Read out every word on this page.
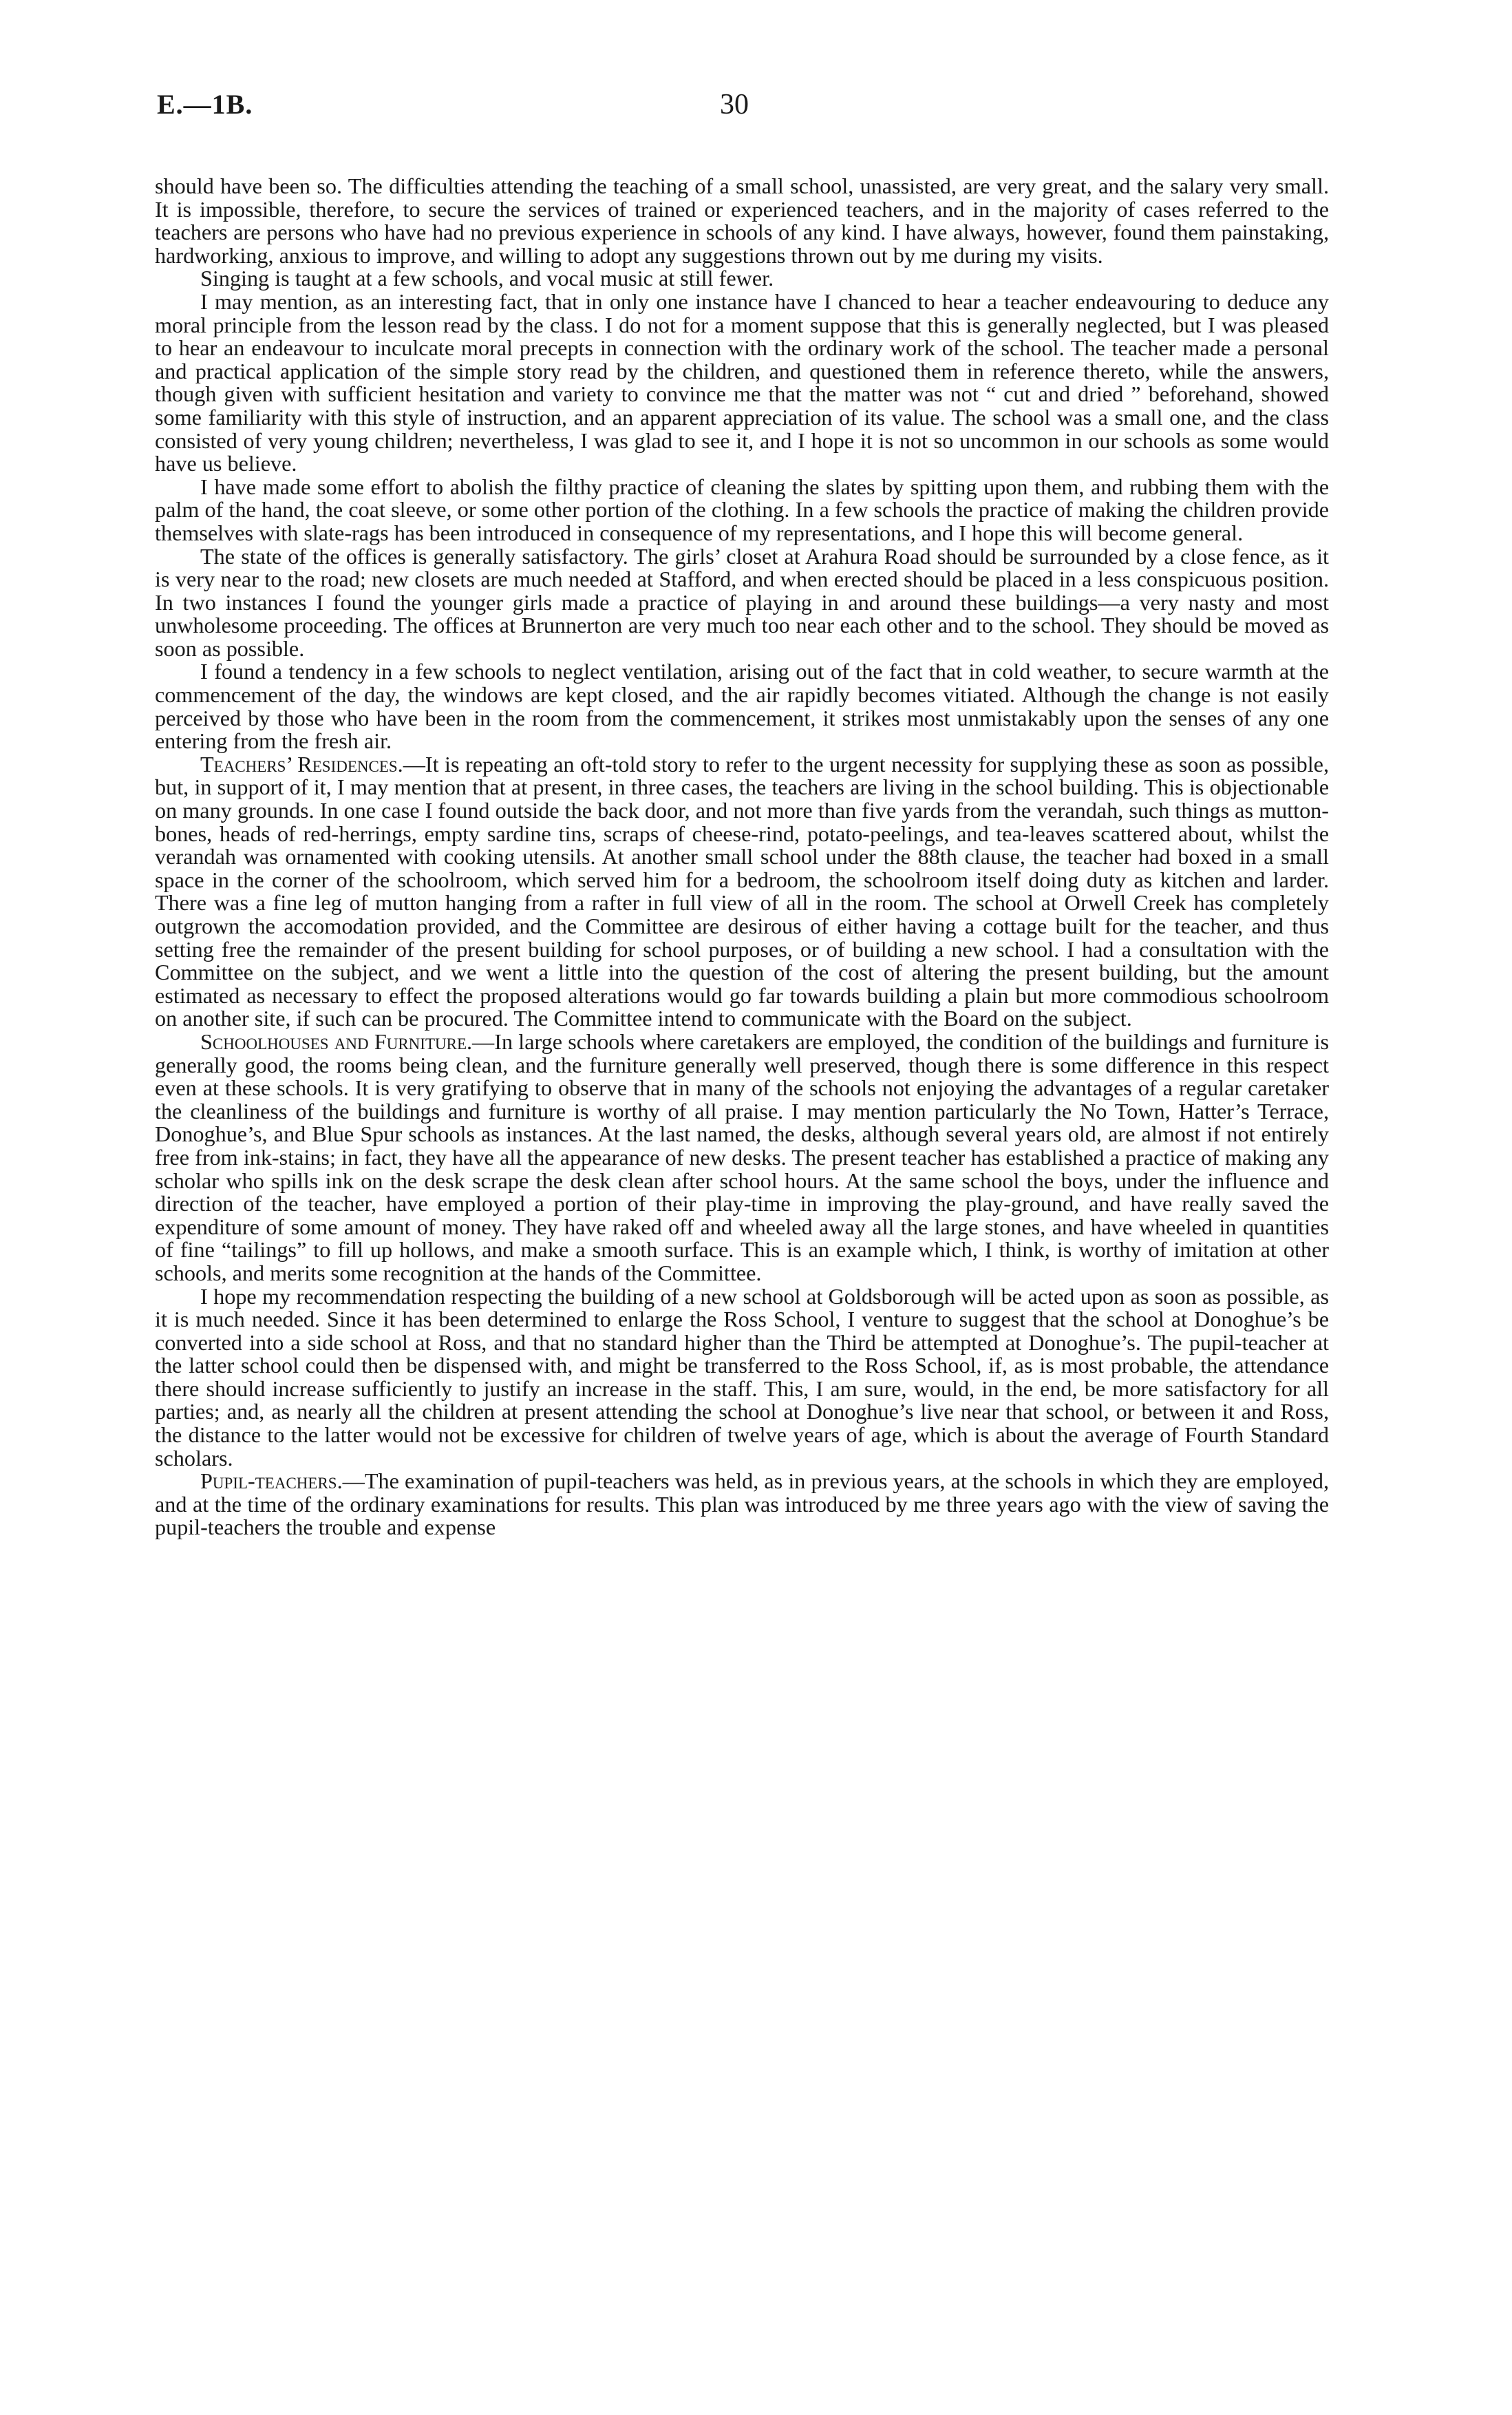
E.—1B.	30

should have been so. The difficulties attending the teaching of a small school, unassisted, are very great, and the salary very small. It is impossible, therefore, to secure the services of trained or experienced teachers, and in the majority of cases referred to the teachers are persons who have had no previous experience in schools of any kind. I have always, however, found them painstaking, hardworking, anxious to improve, and willing to adopt any suggestions thrown out by me during my visits.

Singing is taught at a few schools, and vocal music at still fewer.

I may mention, as an interesting fact, that in only one instance have I chanced to hear a teacher endeavouring to deduce any moral principle from the lesson read by the class. I do not for a moment suppose that this is generally neglected, but I was pleased to hear an endeavour to inculcate moral precepts in connection with the ordinary work of the school. The teacher made a personal and practical application of the simple story read by the children, and questioned them in reference thereto, while the answers, though given with sufficient hesitation and variety to convince me that the matter was not “ cut and dried ” beforehand, showed some familiarity with this style of instruction, and an apparent appreciation of its value. The school was a small one, and the class consisted of very young children; nevertheless, I was glad to see it, and I hope it is not so uncommon in our schools as some would have us believe.

I have made some effort to abolish the filthy practice of cleaning the slates by spitting upon them, and rubbing them with the palm of the hand, the coat sleeve, or some other portion of the clothing. In a few schools the practice of making the children provide themselves with slate-rags has been introduced in consequence of my representations, and I hope this will become general.

The state of the offices is generally satisfactory. The girls’ closet at Arahura Road should be surrounded by a close fence, as it is very near to the road; new closets are much needed at Stafford, and when erected should be placed in a less conspicuous position. In two instances I found the younger girls made a practice of playing in and around these buildings—a very nasty and most unwholesome proceeding. The offices at Brunnerton are very much too near each other and to the school. They should be moved as soon as possible.

I found a tendency in a few schools to neglect ventilation, arising out of the fact that in cold weather, to secure warmth at the commencement of the day, the windows are kept closed, and the air rapidly becomes vitiated. Although the change is not easily perceived by those who have been in the room from the commencement, it strikes most unmistakably upon the senses of any one entering from the fresh air.

Teachers’ Residences.—It is repeating an oft-told story to refer to the urgent necessity for supplying these as soon as possible, but, in support of it, I may mention that at present, in three cases, the teachers are living in the school building. This is objectionable on many grounds. In one case I found outside the back door, and not more than five yards from the verandah, such things as mutton-bones, heads of red-herrings, empty sardine tins, scraps of cheese-rind, potato-peelings, and tea-leaves scattered about, whilst the verandah was ornamented with cooking utensils. At another small school under the 88th clause, the teacher had boxed in a small space in the corner of the schoolroom, which served him for a bedroom, the schoolroom itself doing duty as kitchen and larder. There was a fine leg of mutton hanging from a rafter in full view of all in the room. The school at Orwell Creek has completely outgrown the accomodation provided, and the Committee are desirous of either having a cottage built for the teacher, and thus setting free the remainder of the present building for school purposes, or of building a new school. I had a consultation with the Committee on the subject, and we went a little into the question of the cost of altering the present building, but the amount estimated as necessary to effect the proposed alterations would go far towards building a plain but more commodious schoolroom on another site, if such can be procured. The Committee intend to communicate with the Board on the subject.

Schoolhouses and Furniture.—In large schools where caretakers are employed, the condition of the buildings and furniture is generally good, the rooms being clean, and the furniture generally well preserved, though there is some difference in this respect even at these schools. It is very gratifying to observe that in many of the schools not enjoying the advantages of a regular caretaker the cleanliness of the buildings and furniture is worthy of all praise. I may mention particularly the No Town, Hatter’s Terrace, Donoghue’s, and Blue Spur schools as instances. At the last named, the desks, although several years old, are almost if not entirely free from ink-stains; in fact, they have all the appearance of new desks. The present teacher has established a practice of making any scholar who spills ink on the desk scrape the desk clean after school hours. At the same school the boys, under the influence and direction of the teacher, have employed a portion of their play-time in improving the play-ground, and have really saved the expenditure of some amount of money. They have raked off and wheeled away all the large stones, and have wheeled in quantities of fine “tailings” to fill up hollows, and make a smooth surface. This is an example which, I think, is worthy of imitation at other schools, and merits some recognition at the hands of the Committee.

I hope my recommendation respecting the building of a new school at Goldsborough will be acted upon as soon as possible, as it is much needed. Since it has been determined to enlarge the Ross School, I venture to suggest that the school at Donoghue’s be converted into a side school at Ross, and that no standard higher than the Third be attempted at Donoghue’s. The pupil-teacher at the latter school could then be dispensed with, and might be transferred to the Ross School, if, as is most probable, the attendance there should increase sufficiently to justify an increase in the staff. This, I am sure, would, in the end, be more satisfactory for all parties; and, as nearly all the children at present attending the school at Donoghue’s live near that school, or between it and Ross, the distance to the latter would not be excessive for children of twelve years of age, which is about the average of Fourth Standard scholars.

Pupil-teachers.—The examination of pupil-teachers was held, as in previous years, at the schools in which they are employed, and at the time of the ordinary examinations for results. This plan was introduced by me three years ago with the view of saving the pupil-teachers the trouble and expense
